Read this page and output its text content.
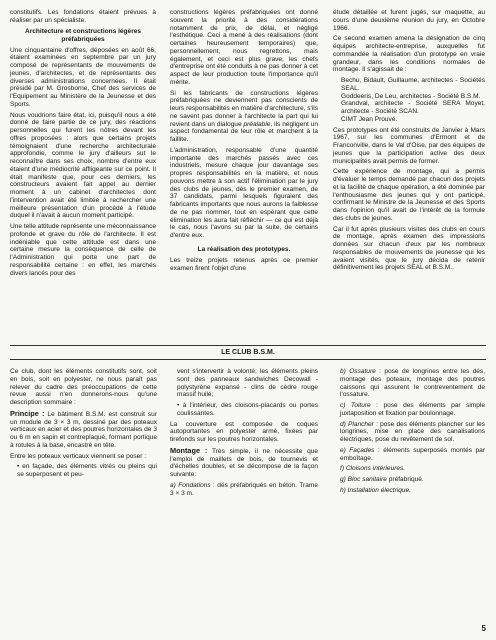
constitutifs. Les fondations étaient prévues à réaliser par un spécialiste.

Architecture et constructions légères préfabriquées

Une cinquantaine d'offres, déposées en août 66, étaient examinées en septembre par un jury composé de représentants de mouvements de jeunes, d'architectes, et de représentants des diverses administrations concernées. Il était présidé par M. Grosborne, Chef des services de l'Equipement au Ministère de la Jeunesse et des Sports.

Nous voudrions faire état, ici, puisqu'il nous a été donné de faire partie de ce jury, des réactions personnelles qui furent les nôtres devant les offres proposées : alors que certains projets témoignaient d'une recherche architecturale approfondie, comme le jury d'ailleurs sut le reconnaître dans ses choix, nombre d'entre eux étaient d'une médiocrité affligeante sur ce point. Il était manifeste que, pour ces derniers, les constructeurs avaient fait appel au dernier moment à un cabinet d'architectes dont l'intervention avait été limitée à rechercher une meilleure présentation d'un procédé à l'étude duquel il n'avait à aucun moment participé.

Une telle attitude représente une méconnaissance profonde et grave du rôle de l'architecte. Il est indéniable que cette attitude est dans une certaine mesure la conséquence de celle de l'Administration qui porte une part de responsabilité certaine : en effet, les marchés divers lancés pour des

constructions légères préfabriquées ont donné souvent la priorité à des considérations notamment de prix, de délai, et négligé l'esthétique. Ceci a mené à des réalisations (dont certaines heureusement temporaires) que, personnellement, nous regrettons, mais également, et ceci est plus grave, les chefs d'entreprise ont été conduits à ne pas donner à cet aspect de leur production toute l'importance qu'il mérite.

Si les fabricants de constructions légères préfabriquées ne deviennent pas conscients de leurs responsabilités en matière d'architecture, s'ils ne savent pas donner à l'architecte la part qui lui revient dans un dialogue préalable, ils négligent un aspect fondamental de leur rôle et marchent à la faillite.

L'administration, responsable d'une quantité importante des marchés passés avec ces industriels, mesure chaque jour davantage ses propres responsabilités en la matière, et nous pouvons mettre à son actif l'élimination par le jury des clubs de jeunes, dès le premier examen, de 37 candidats, parmi lesquels figuraient des fabricants importants que nous aurons la faiblesse de ne pas nommer, tout en espérant que cette élimination les aura fait réfléchir — ce qui est déjà le cas, nous l'avons su par la suite, de certains d'entre eux.

La réalisation des prototypes.

Les treize projets retenus après ce premier examen firent l'objet d'une

étude détaillée et furent jugés, sur maquette, au cours d'une deuxième réunion du jury, en Octobre 1966.

Ce second examen amena la désignation de cinq équipes architecte-entreprise, auxquelles fut commandée la réalisation d'un prototype en vraie grandeur, dans les conditions normales de montage. Il s'agissait de :

Bechu, Bidault, Guillaume, architectes - Sociétés SEAL.
Goddeeris, De Leu, architectes - Société B.S.M.
Grandval, architecte - Société SERA Moyet, architecte - Société SCAN.
CIMT Jean Prouvé.

Ces prototypes ont été construits de Janvier à Mars 1967, sur les communes d'Ermont et de Franconville, dans le Val d'Oise, par des équipes de jeunes que la participation active des deux municipalités avait permis de former.

Cette expérience de montage, qui a permis d'évaluer le temps demandé par chacun des projets et la facilité de chaque opération, a été dominée par l'enthousiasme des jeunes qui y ont participé, confirmant le Ministre de la Jeunesse et des Sports dans l'opinion qu'il avait de l'intérêt de la formule des clubs de jeunes.

Car il fut après plusieurs visites des clubs en cours de montage, après examen des impressions données sur chacun d'eux par les nombreux responsables de mouvements de jeunesse qui les avaient visités, que le jury décida de retenir définitivement les projets SEAL et B.S.M..

LE CLUB B.S.M.

Ce club, dont les éléments constitutifs sont, soit en bois, soit en polyester, ne nous paraît pas relever du cadre des préoccupations de cette revue aussi n'en donnerons-nous qu'une description sommaire :

Principe : Le bâtiment B.S.M. est construit sur un module de 3 × 3 m, dessiné par des poteaux verticaux en acier et des poutres horizontales de 3 ou 6 m en sapin et contreplaqué, formant portique à rotules à la base, encastré en tête.

Entre les poteaux verticaux viennent se poser :

• en façade, des éléments vitrés ou pleins qui se superposent et peu-

vent s'intervertir à volonté; les éléments pleins sont des panneaux sandwiches Decowall - polystyrène expansé - clins de cèdre rouge massif huilé;

• à l'intérieur, des cloisons-placards ou portes coulissantes.

La couverture est composée de coques autoportantes en polyester armé, fixées par tirefonds sur les poutres horizontales.

Montage : Très simple, il ne nécessite que l'emploi de maillets de bois, de tournevis et d'échelles doubles, et se décompose de la façon suivante:

a) Fondations : dés préfabriqués en béton. Trame 3 × 3 m.

b) Ossature : pose de longrines entre les dés, montage des poteaux, montage des poutres caissons qui assurent le contreventement de l'ossature.

c) Toiture : pose des éléments par simple juxtaposition et fixation par boulonnage.

d) Plancher : pose des éléments plancher sur les longrines, mise en place des canalisations électriques, pose du revêtement de sol.

e) Façades : éléments superposés montés par emboîtage.

f) Cloisons intérieures.

g) Bloc sanitaire préfabriqué.

h) Installation électrique.

5
